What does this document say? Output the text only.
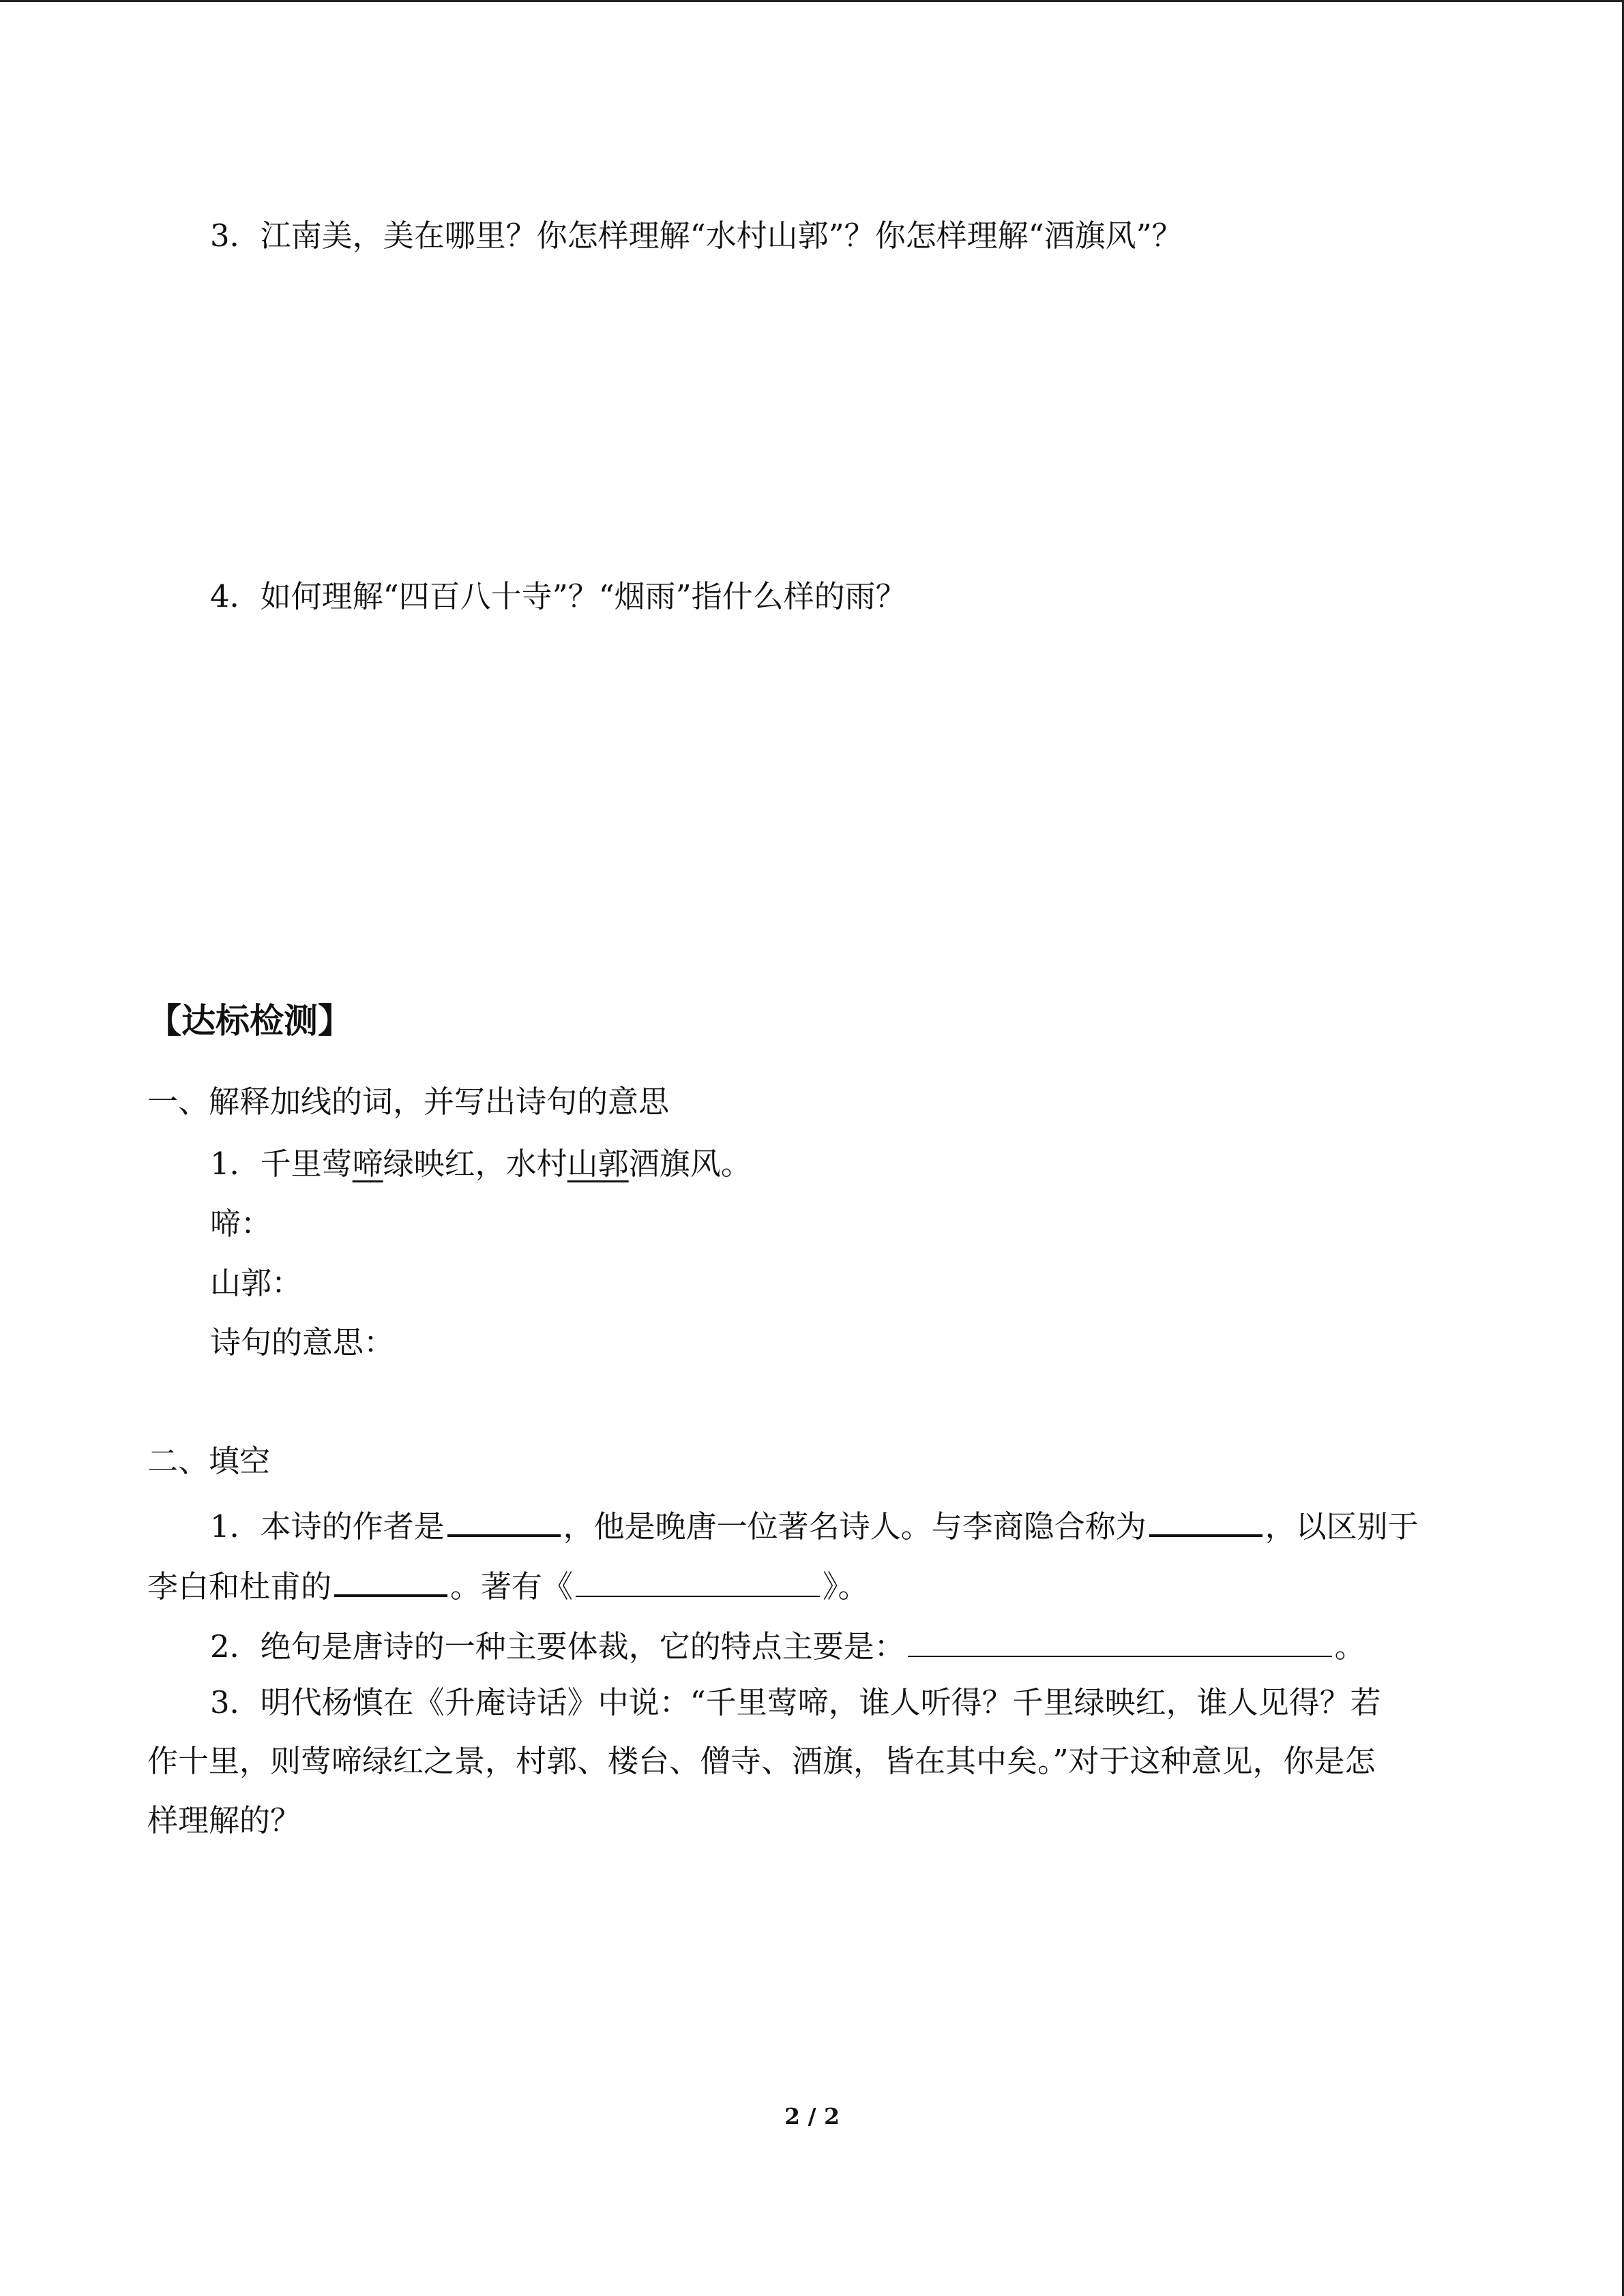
3．江南美，美在哪里？你怎样理解“水村山郭”？你怎样理解“酒旗风”？
4．如何理解“四百八十寺”？“烟雨”指什么样的雨？
【达标检测】
一、解释加线的词，并写出诗句的意思
1．千里莺啼绿映红，水村山郭酒旗风。
啼：
山郭：
诗句的意思：
二、填空
1．本诗的作者是	，他是晚唐一位著名诗人。与李商隐合称为	，以区别于
李白和杜甫的	。著有《	》。
2．绝句是唐诗的一种主要体裁，它的特点主要是：	。
3．明代杨慎在《升庵诗话》中说：“千里莺啼，谁人听得？千里绿映红，谁人见得？若
作十里，则莺啼绿红之景，村郭、楼台、僧寺、酒旗，皆在其中矣。”对于这种意见，你是怎
样理解的？
2 / 2
